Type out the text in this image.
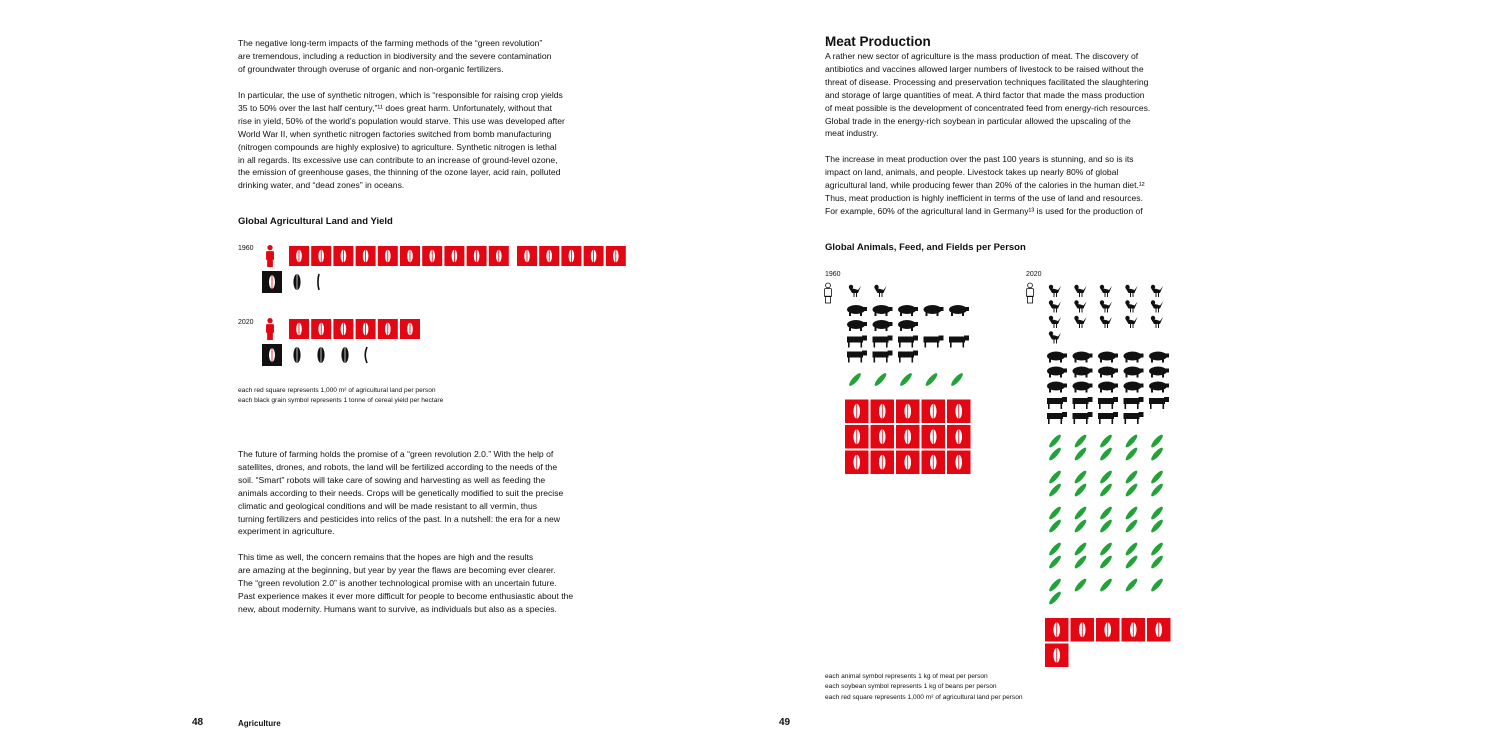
The negative long-term impacts of the farming methods of the “green revolution”
are tremendous, including a reduction in biodiversity and the severe contamination
of groundwater through overuse of organic and non-organic fertilizers.
In particular, the use of synthetic nitrogen, which is “responsible for raising crop yields
35 to 50% over the last half century,”¹¹ does great harm. Unfortunately, without that
rise in yield, 50% of the world’s population would starve. This use was developed after
World War II, when synthetic nitrogen factories switched from bomb manufacturing
(nitrogen compounds are highly explosive) to agriculture. Synthetic nitrogen is lethal
in all regards. Its excessive use can contribute to an increase of ground-level ozone,
the emission of greenhouse gases, the thinning of the ozone layer, acid rain, polluted
drinking water, and “dead zones” in oceans.
Global Agricultural Land and Yield
1960
2020
each red square represents 1,000 m² of agricultural land per person
each black grain symbol represents 1 tonne of cereal yield per hectare
The future of farming holds the promise of a “green revolution 2.0.” With the help of
satellites, drones, and robots, the land will be fertilized according to the needs of the
soil. “Smart” robots will take care of sowing and harvesting as well as feeding the
animals according to their needs. Crops will be genetically modified to suit the precise
climatic and geological conditions and will be made resistant to all vermin, thus
turning fertilizers and pesticides into relics of the past. In a nutshell: the era for a new
experiment in agriculture.
This time as well, the concern remains that the hopes are high and the results
are amazing at the beginning, but year by year the flaws are becoming ever clearer.
The “green revolution 2.0” is another technological promise with an uncertain future.
Past experience makes it ever more difficult for people to become enthusiastic about the
new, about modernity. Humans want to survive, as individuals but also as a species.
48	Agriculture
Meat Production
A rather new sector of agriculture is the mass production of meat. The discovery of
antibiotics and vaccines allowed larger numbers of livestock to be raised without the
threat of disease. Processing and preservation techniques facilitated the slaughtering
and storage of large quantities of meat. A third factor that made the mass production
of meat possible is the development of concentrated feed from energy-rich resources.
Global trade in the energy-rich soybean in particular allowed the upscaling of the
meat industry.
The increase in meat production over the past 100 years is stunning, and so is its
impact on land, animals, and people. Livestock takes up nearly 80% of global
agricultural land, while producing fewer than 20% of the calories in the human diet.¹²
Thus, meat production is highly inefficient in terms of the use of land and resources.
For example, 60% of the agricultural land in Germany¹³ is used for the production of
Global Animals, Feed, and Fields per Person
1960	2020
each animal symbol represents 1 kg of meat per person
each soybean symbol represents 1 kg of beans per person
each red square represents 1,000 m² of agricultural land per person
49
